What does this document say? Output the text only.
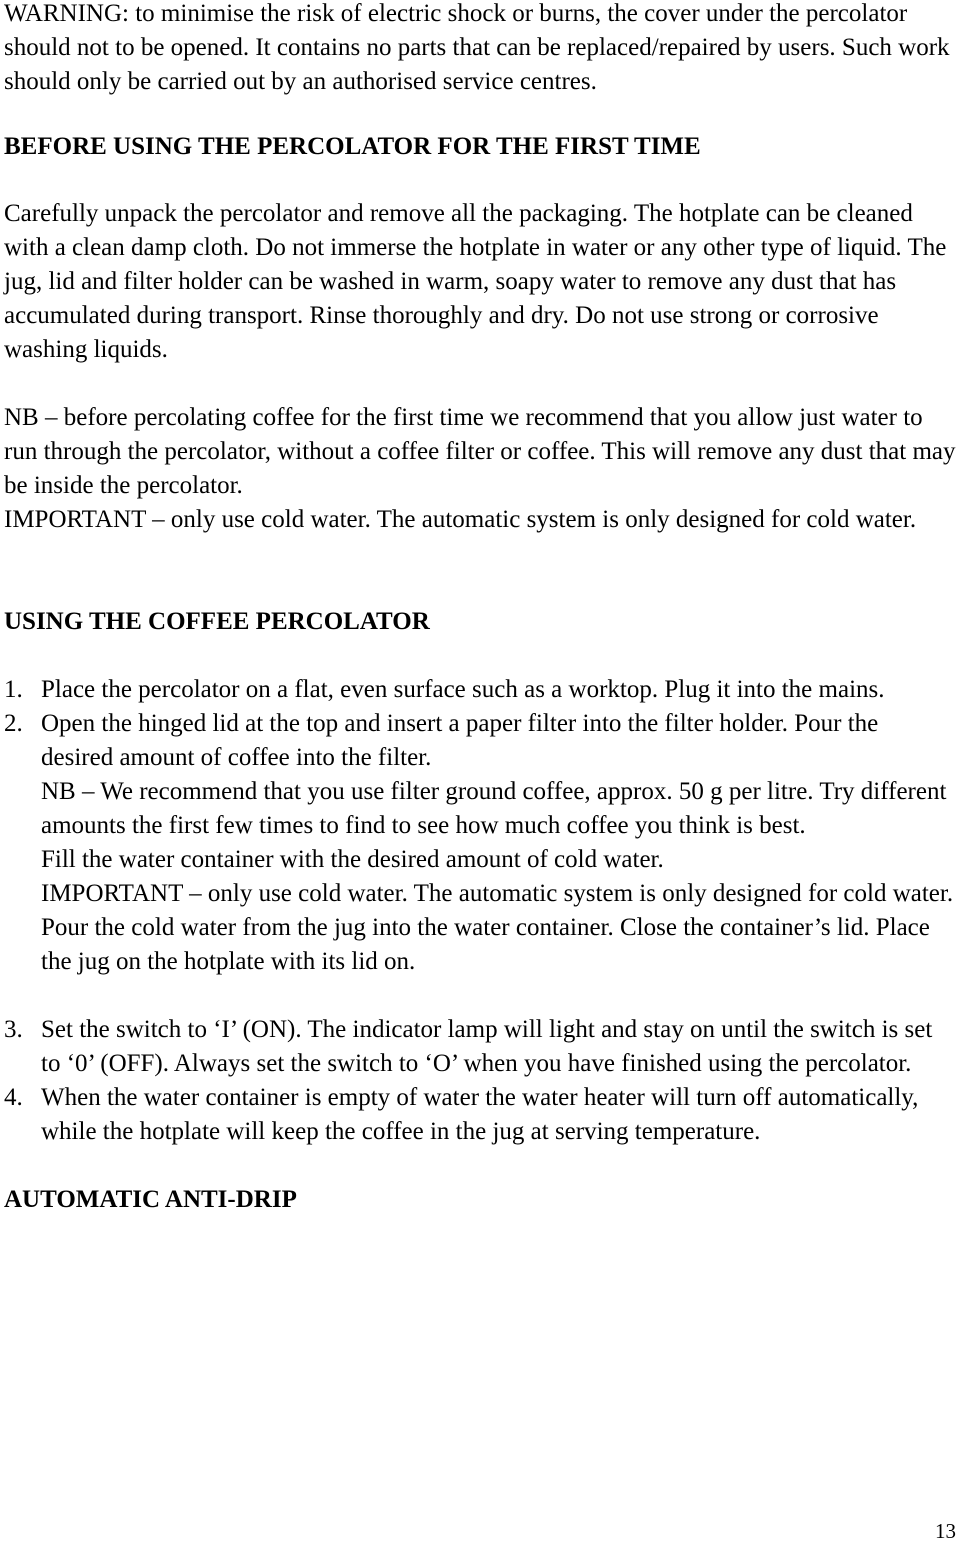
WARNING: to minimise the risk of electric shock or burns, the cover under the percolator should not to be opened. It contains no parts that can be replaced/repaired by users. Such work should only be carried out by an authorised service centres.

BEFORE USING THE PERCOLATOR FOR THE FIRST TIME

Carefully unpack the percolator and remove all the packaging. The hotplate can be cleaned with a clean damp cloth. Do not immerse the hotplate in water or any other type of liquid. The jug, lid and filter holder can be washed in warm, soapy water to remove any dust that has accumulated during transport. Rinse thoroughly and dry. Do not use strong or corrosive washing liquids.

NB – before percolating coffee for the first time we recommend that you allow just water to run through the percolator, without a coffee filter or coffee. This will remove any dust that may be inside the percolator.

IMPORTANT – only use cold water. The automatic system is only designed for cold water.

USING THE COFFEE PERCOLATOR

1. Place the percolator on a flat, even surface such as a worktop. Plug it into the mains.
2. Open the hinged lid at the top and insert a paper filter into the filter holder. Pour the desired amount of coffee into the filter.

NB – We recommend that you use filter ground coffee, approx. 50 g per litre. Try different amounts the first few times to find to see how much coffee you think is best.

Fill the water container with the desired amount of cold water.

IMPORTANT – only use cold water. The automatic system is only designed for cold water. Pour the cold water from the jug into the water container. Close the container’s lid. Place the jug on the hotplate with its lid on.

3. Set the switch to ‘I’ (ON). The indicator lamp will light and stay on until the switch is set to ‘0’ (OFF). Always set the switch to ‘O’ when you have finished using the percolator.
4. When the water container is empty of water the water heater will turn off automatically, while the hotplate will keep the coffee in the jug at serving temperature.

AUTOMATIC ANTI-DRIP

13
